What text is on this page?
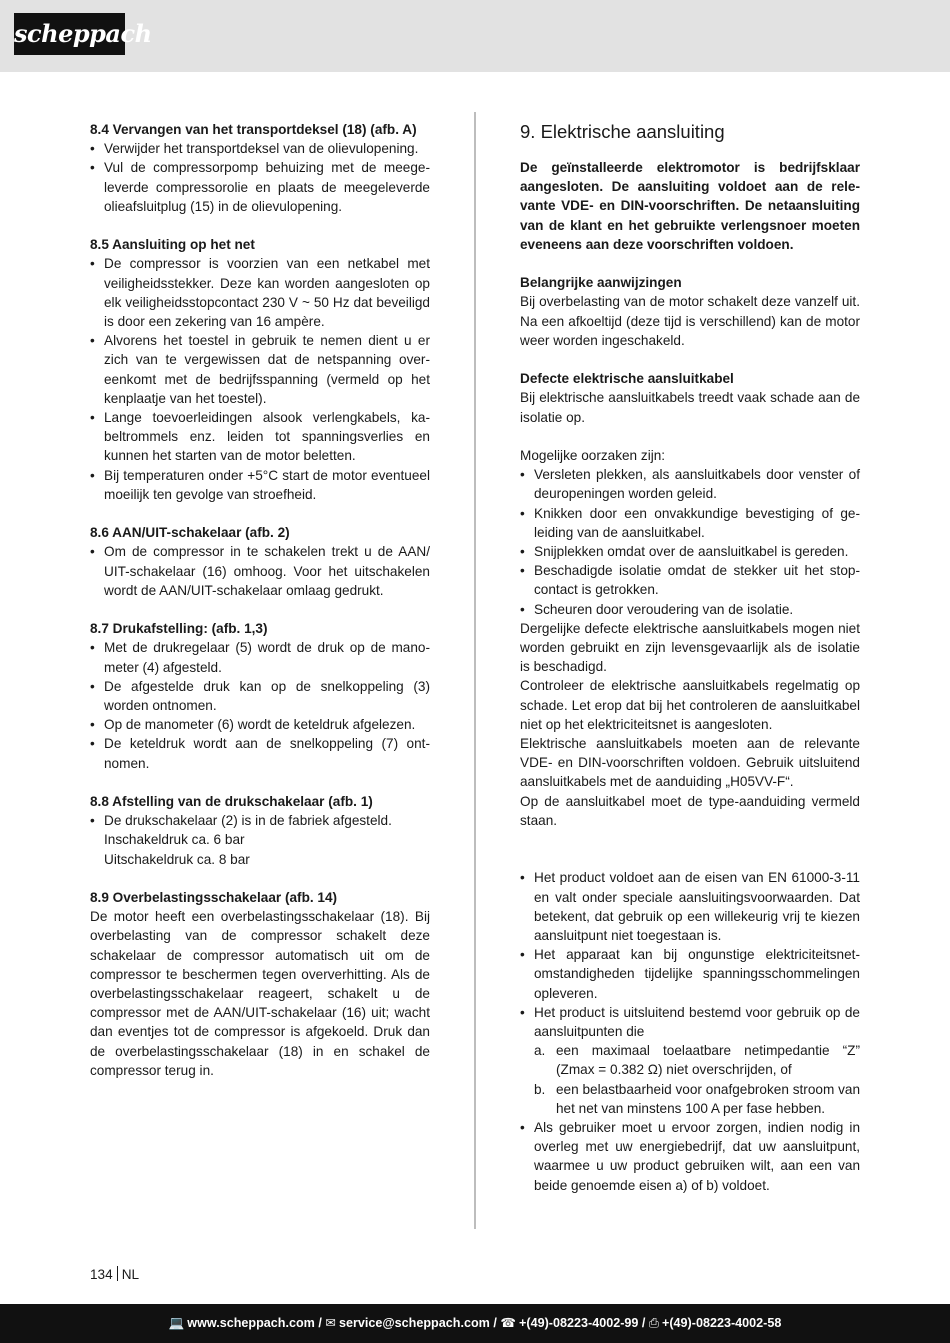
scheppach
8.4 Vervangen van het transportdeksel (18) (afb. A)
• Verwijder het transportdeksel van de olievulopening.
• Vul de compressorpomp behuizing met de meegeleverde compressorolie en plaats de meegeleverde olieafsluitplug (15) in de olievulopening.
8.5 Aansluiting op het net
• De compressor is voorzien van een netkabel met veiligheidsstekker. Deze kan worden aangesloten op elk veiligheidsstopcontact 230 V ~ 50 Hz dat beveiligd is door een zekering van 16 ampère.
• Alvorens het toestel in gebruik te nemen dient u er zich van te vergewissen dat de netspanning overeenkomt met de bedrijfsspanning (vermeld op het kenplaatje van het toestel).
• Lange toevoerleidingen alsook verlengkabels, kabeltrommels enz. leiden tot spanningsverlies en kunnen het starten van de motor beletten.
• Bij temperaturen onder +5°C start de motor eventueel moeilijk ten gevolge van stroefheid.
8.6 AAN/UIT-schakelaar (afb. 2)
• Om de compressor in te schakelen trekt u de AAN/ UIT-schakelaar (16) omhoog. Voor het uitschakelen wordt de AAN/UIT-schakelaar omlaag gedrukt.
8.7 Drukafstelling: (afb. 1,3)
• Met de drukregelaar (5) wordt de druk op de manometer (4) afgesteld.
• De afgestelde druk kan op de snelkoppeling (3) worden ontnomen.
• Op de manometer (6) wordt de keteldruk afgelezen.
• De keteldruk wordt aan de snelkoppeling (7) ontnomen.
8.8 Afstelling van de drukschakelaar (afb. 1)
• De drukschakelaar (2) is in de fabriek afgesteld.
Inschakeldruk ca. 6 bar
Uitschakeldruk ca. 8 bar
8.9 Overbelastingsschakelaar (afb. 14)

De motor heeft een overbelastingsschakelaar (18). Bij overbelasting van de compressor schakelt deze schakelaar de compressor automatisch uit om de compressor te beschermen tegen oververhitting. Als de overbelastingsschakelaar reageert, schakelt u de compressor met de AAN/UIT-schakelaar (16) uit; wacht dan eventjes tot de compressor is afgekoeld. Druk dan de overbelastingsschakelaar (18) in en schakel de compressor terug in.

9. Elektrische aansluiting

De geïnstalleerde elektromotor is bedrijfsklaar aangesloten. De aansluiting voldoet aan de relevante VDE- en DIN-voorschriften. De netaansluiting van de klant en het gebruikte verlengsnoer moeten eveneens aan deze voorschriften voldoen.

Belangrijke aanwijzingen

Bij overbelasting van de motor schakelt deze vanzelf uit. Na een afkoeltijd (deze tijd is verschillend) kan de motor weer worden ingeschakeld.

Defecte elektrische aansluitkabel

Bij elektrische aansluitkabels treedt vaak schade aan de isolatie op.

Mogelijke oorzaken zijn:

• Versleten plekken, als aansluitkabels door venster of deuropeningen worden geleid.
• Knikken door een onvakkundige bevestiging of geleiding van de aansluitkabel.
• Snijplekken omdat over de aansluitkabel is gereden.
• Beschadigde isolatie omdat de stekker uit het stopcontact is getrokken.
• Scheuren door veroudering van de isolatie.

Dergelijke defecte elektrische aansluitkabels mogen niet worden gebruikt en zijn levensgevaarlijk als de isolatie is beschadigd.

Controleer de elektrische aansluitkabels regelmatig op schade. Let erop dat bij het controleren de aansluitkabel niet op het elektriciteitsnet is aangesloten.

Elektrische aansluitkabels moeten aan de relevante VDE- en DIN-voorschriften voldoen. Gebruik uitsluitend aansluitkabels met de aanduiding „H05VV-F“.

Op de aansluitkabel moet de type-aanduiding vermeld staan.

• Het product voldoet aan de eisen van EN 61000-3-11 en valt onder speciale aansluitingsvoorwaarden. Dat betekent, dat gebruik op een willekeurig vrij te kiezen aansluitpunt niet toegestaan is.
• Het apparaat kan bij ongunstige elektriciteitsnetomstandigheden tijdelijke spanningsschommelingen opleveren.
• Het product is uitsluitend bestemd voor gebruik op de aansluitpunten die
a. een maximaal toelaatbare netimpedantie “Z” (Zmax = 0.382 Ω) niet overschrijden, of
b. een belastbaarheid voor onafgebroken stroom van het net van minstens 100 A per fase hebben.
• Als gebruiker moet u ervoor zorgen, indien nodig in overleg met uw energiebedrijf, dat uw aansluitpunt, waarmee u uw product gebruiken wilt, aan een van beide genoemde eisen a) of b) voldoet.
134 NL
💻 www.scheppach.com / ✉ service@scheppach.com / ☎ +(49)-08223-4002-99 / ⎙ +(49)-08223-4002-58
